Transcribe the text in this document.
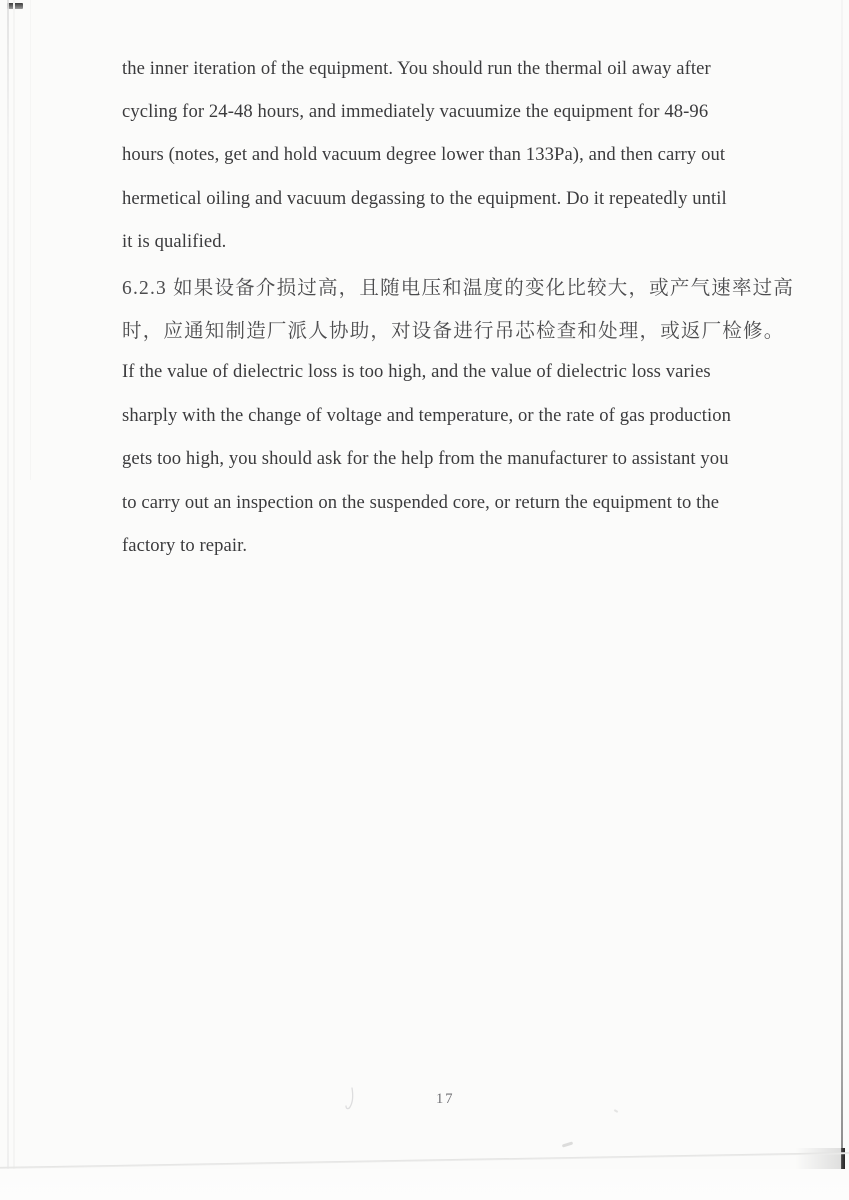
the inner iteration of the equipment. You should run the thermal oil away after
cycling for 24-48 hours, and immediately vacuumize the equipment for 48-96
hours (notes, get and hold vacuum degree lower than 133Pa), and then carry out
hermetical oiling and vacuum degassing to the equipment. Do it repeatedly until
it is qualified.
6.2.3 如果设备介损过高，且随电压和温度的变化比较大，或产气速率过高
时，应通知制造厂派人协助，对设备进行吊芯检查和处理，或返厂检修。
If the value of dielectric loss is too high, and the value of dielectric loss varies
sharply with the change of voltage and temperature, or the rate of gas production
gets too high, you should ask for the help from the manufacturer to assistant you
to carry out an inspection on the suspended core, or return the equipment to the
factory to repair.
17
